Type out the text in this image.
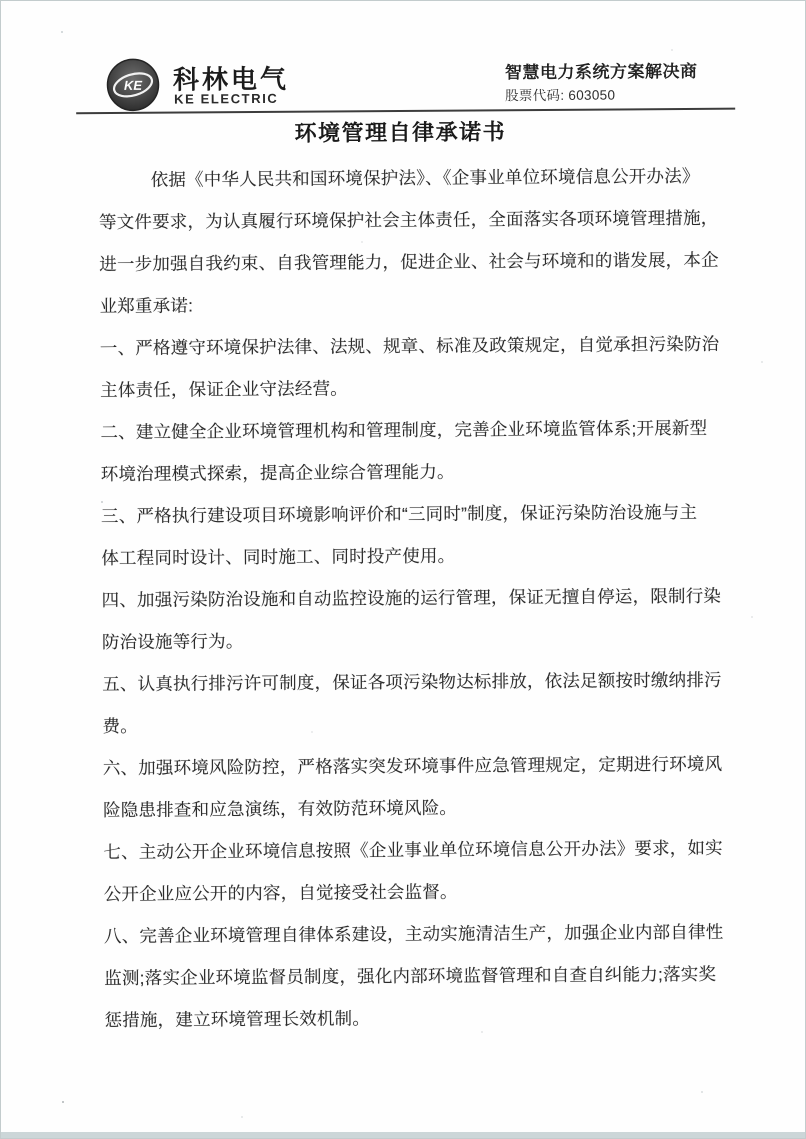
KE 科林电气
KE ELECTRIC
智慧电力系统方案解决商
股票代码: 603050
环境管理自律承诺书
依据《中华人民共和国环境保护法》、《企事业单位环境信息公开办法》
等文件要求，为认真履行环境保护社会主体责任，全面落实各项环境管理措施，
进一步加强自我约束、自我管理能力，促进企业、社会与环境和的谐发展，本企
业郑重承诺:
一、严格遵守环境保护法律、法规、规章、标准及政策规定，自觉承担污染防治
主体责任，保证企业守法经营。
二、建立健全企业环境管理机构和管理制度，完善企业环境监管体系;开展新型
环境治理模式探索，提高企业综合管理能力。
三、严格执行建设项目环境影响评价和“三同时”制度，保证污染防治设施与主
体工程同时设计、同时施工、同时投产使用。
四、加强污染防治设施和自动监控设施的运行管理，保证无擅自停运，限制行染
防治设施等行为。
五、认真执行排污许可制度，保证各项污染物达标排放，依法足额按时缴纳排污
费。
六、加强环境风险防控，严格落实突发环境事件应急管理规定，定期进行环境风
险隐患排查和应急演练，有效防范环境风险。
七、主动公开企业环境信息按照《企业事业单位环境信息公开办法》要求，如实
公开企业应公开的内容，自觉接受社会监督。
八、完善企业环境管理自律体系建设，主动实施清洁生产，加强企业内部自律性
监测;落实企业环境监督员制度，强化内部环境监督管理和自查自纠能力;落实奖
惩措施，建立环境管理长效机制。
